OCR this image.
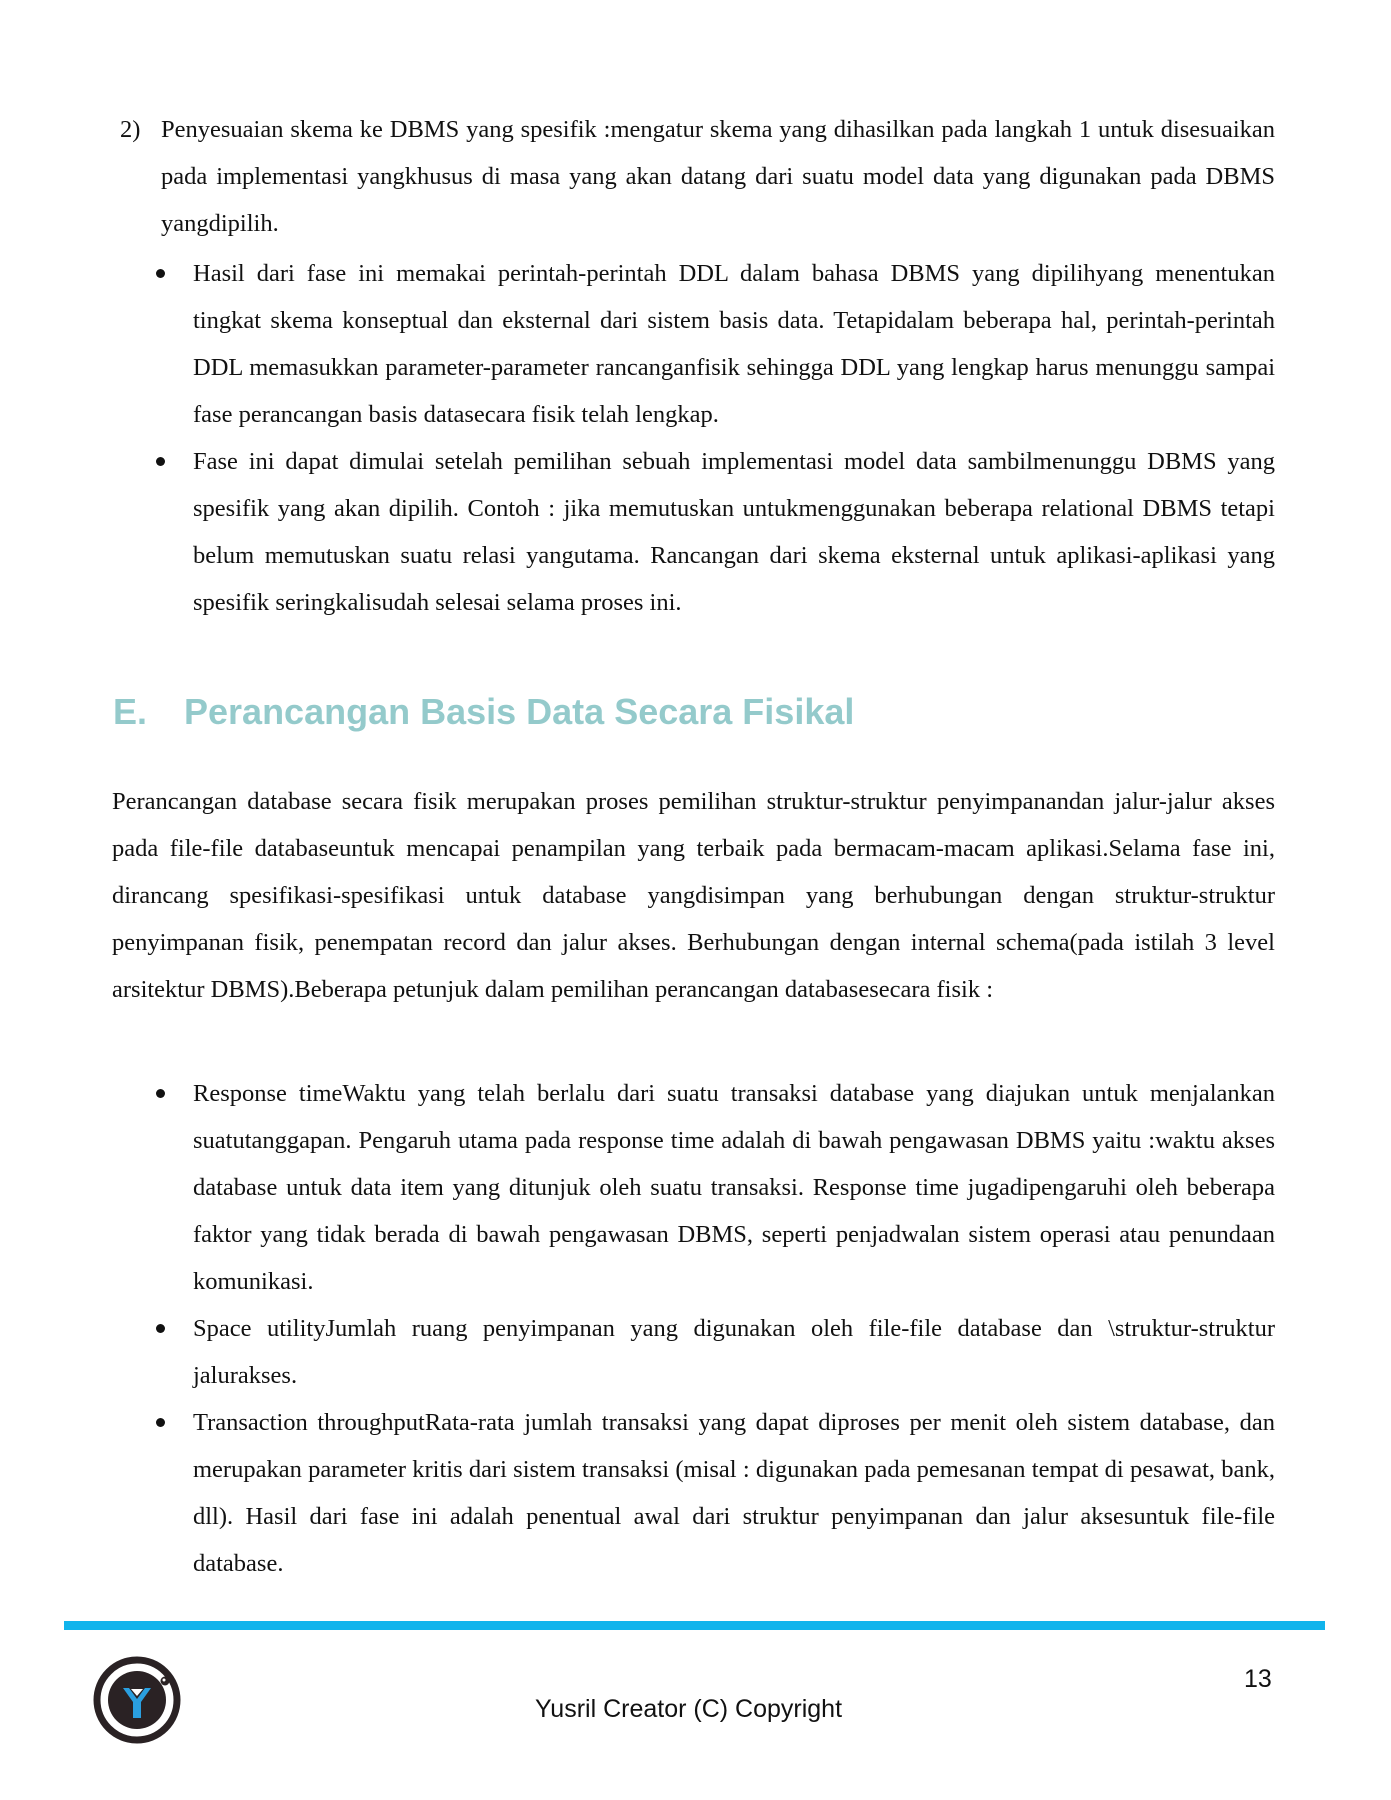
2) Penyesuaian skema ke DBMS yang spesifik :mengatur skema yang dihasilkan pada langkah 1 untuk disesuaikan pada implementasi yangkhusus di masa yang akan datang dari suatu model data yang digunakan pada DBMS yangdipilih.
Hasil dari fase ini memakai perintah-perintah DDL dalam bahasa DBMS yang dipilihyang menentukan tingkat skema konseptual dan eksternal dari sistem basis data. Tetapidalam beberapa hal, perintah-perintah DDL memasukkan parameter-parameter rancanganfisik sehingga DDL yang lengkap harus menunggu sampai fase perancangan basis datasecara fisik telah lengkap.
Fase ini dapat dimulai setelah pemilihan sebuah implementasi model data sambilmenunggu DBMS yang spesifik yang akan dipilih. Contoh : jika memutuskan untukmenggunakan beberapa relational DBMS tetapi belum memutuskan suatu relasi yangutama. Rancangan dari skema eksternal untuk aplikasi-aplikasi yang spesifik seringkalisudah selesai selama proses ini.
E. Perancangan Basis Data Secara Fisikal
Perancangan database secara fisik merupakan proses pemilihan struktur-struktur penyimpanandan jalur-jalur akses pada file-file databaseuntuk mencapai penampilan yang terbaik pada bermacam-macam aplikasi.Selama fase ini, dirancang spesifikasi-spesifikasi untuk database yangdisimpan yang berhubungan dengan struktur-struktur penyimpanan fisik, penempatan record dan jalur akses. Berhubungan dengan internal schema(pada istilah 3 level arsitektur DBMS).Beberapa petunjuk dalam pemilihan perancangan databasesecara fisik :
Response timeWaktu yang telah berlalu dari suatu transaksi database yang diajukan untuk menjalankan suatutanggapan. Pengaruh utama pada response time adalah di bawah pengawasan DBMS yaitu :waktu akses database untuk data item yang ditunjuk oleh suatu transaksi. Response time jugadipengaruhi oleh beberapa faktor yang tidak berada di bawah pengawasan DBMS, seperti penjadwalan sistem operasi atau penundaan komunikasi.
Space utilityJumlah ruang penyimpanan yang digunakan oleh file-file database dan \struktur-struktur jalurakses.
Transaction throughputRata-rata jumlah transaksi yang dapat diproses per menit oleh sistem database, dan merupakan parameter kritis dari sistem transaksi (misal : digunakan pada pemesanan tempat di pesawat, bank, dll). Hasil dari fase ini adalah penentual awal dari struktur penyimpanan dan jalur aksesuntuk file-file database.
Yusril Creator (C) Copyright
13
